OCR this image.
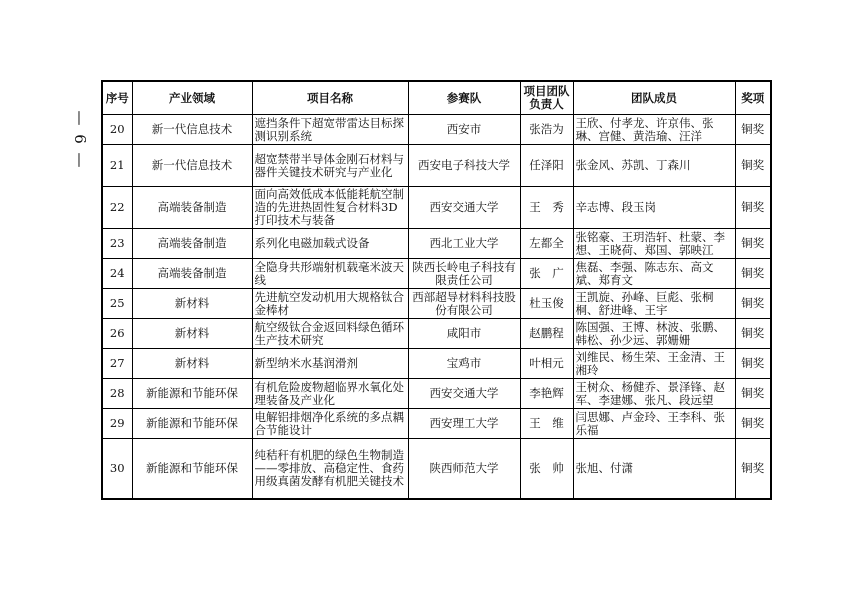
— 6 —
序号	产业领域	项目名称	参赛队	项目团队负责人	团队成员	奖项
20	新一代信息技术	遮挡条件下超宽带雷达目标探测识别系统	西安市	张浩为	王欣、付孝龙、许京伟、张琳、宫健、黄浩瑜、汪洋	铜奖
21	新一代信息技术	超宽禁带半导体金刚石材料与器件关键技术研究与产业化	西安电子科技大学	任泽阳	张金风、苏凯、丁森川	铜奖
22	高端装备制造	面向高效低成本低能耗航空制造的先进热固性复合材料3D打印技术与装备	西安交通大学	王　秀	辛志博、段玉岗	铜奖
23	高端装备制造	系列化电磁加载式设备	西北工业大学	左都全	张铭豪、王玥浩轩、杜蒙、李想、王晓荷、郑国、郭映江	铜奖
24	高端装备制造	全隐身共形端射机载毫米波天线	陕西长岭电子科技有限责任公司	张　广	焦磊、李强、陈志东、高文斌、郑育文	铜奖
25	新材料	先进航空发动机用大规格钛合金棒材	西部超导材料科技股份有限公司	杜玉俊	王凯旋、孙峰、巨彪、张桐桐、舒进峰、王宇	铜奖
26	新材料	航空级钛合金返回料绿色循环生产技术研究	咸阳市	赵鹏程	陈国强、王博、林波、张鹏、韩松、孙少远、郭姗姗	铜奖
27	新材料	新型纳米水基润滑剂	宝鸡市	叶相元	刘维民、杨生荣、王金清、王湘玲	铜奖
28	新能源和节能环保	有机危险废物超临界水氧化处理装备及产业化	西安交通大学	李艳辉	王树众、杨健乔、景泽锋、赵军、李建娜、张凡、段远望	铜奖
29	新能源和节能环保	电解铝排烟净化系统的多点耦合节能设计	西安理工大学	王　维	闫思娜、卢金玲、王李科、张乐福	铜奖
30	新能源和节能环保	纯秸秆有机肥的绿色生物制造——零排放、高稳定性、食药用级真菌发酵有机肥关键技术	陕西师范大学	张　帅	张旭、付潇	铜奖
